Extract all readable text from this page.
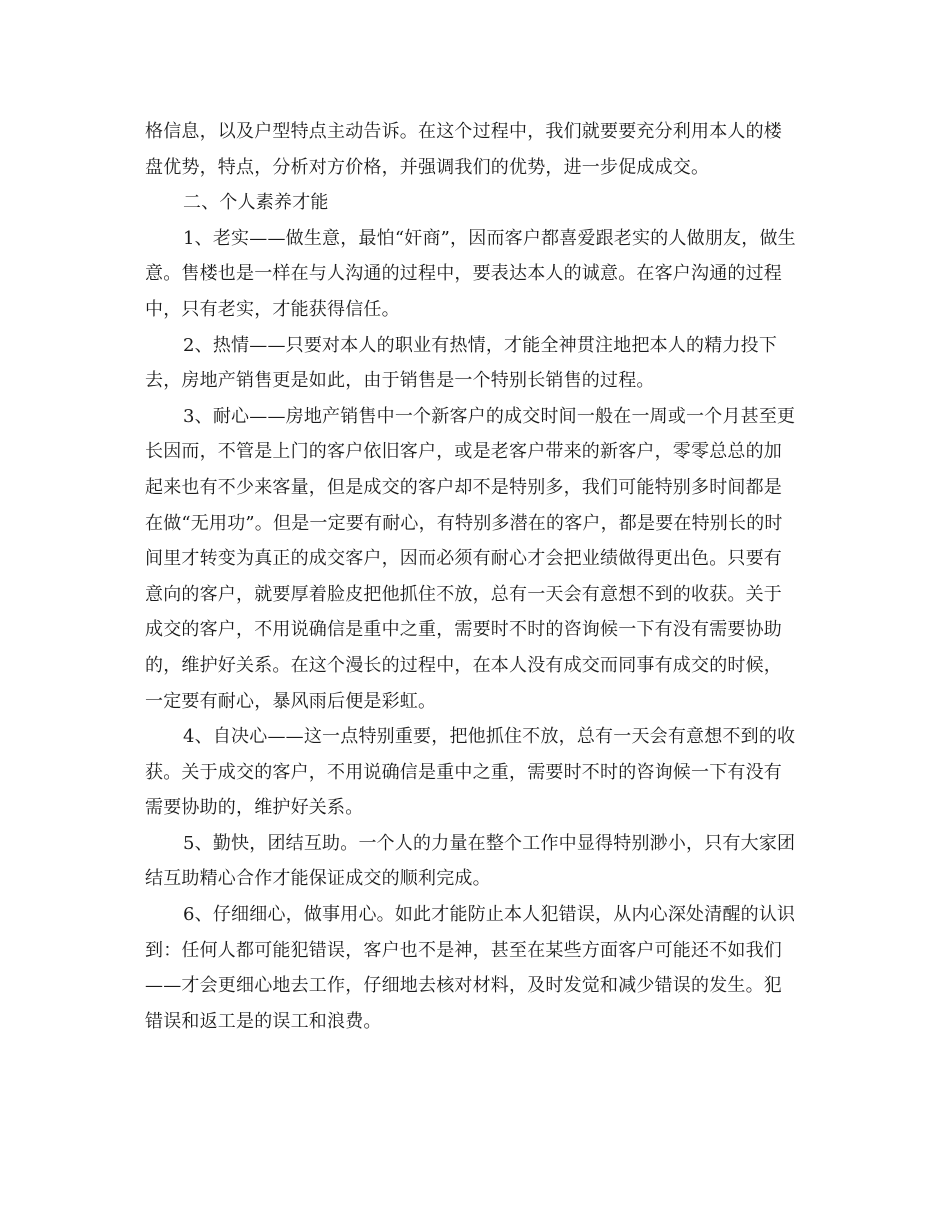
格信息，以及户型特点主动告诉。在这个过程中，我们就要要充分利用本人的楼
盘优势，特点，分析对方价格，并强调我们的优势，进一步促成成交。
二、个人素养才能
1、老实——做生意，最怕“奸商”，因而客户都喜爱跟老实的人做朋友，做生
意。售楼也是一样在与人沟通的过程中，要表达本人的诚意。在客户沟通的过程
中，只有老实，才能获得信任。
2、热情——只要对本人的职业有热情，才能全神贯注地把本人的精力投下
去，房地产销售更是如此，由于销售是一个特别长销售的过程。
3、耐心——房地产销售中一个新客户的成交时间一般在一周或一个月甚至更
长因而，不管是上门的客户依旧客户，或是老客户带来的新客户，零零总总的加
起来也有不少来客量，但是成交的客户却不是特别多，我们可能特别多时间都是
在做“无用功”。但是一定要有耐心，有特别多潜在的客户，都是要在特别长的时
间里才转变为真正的成交客户，因而必须有耐心才会把业绩做得更出色。只要有
意向的客户，就要厚着脸皮把他抓住不放，总有一天会有意想不到的收获。关于
成交的客户，不用说确信是重中之重，需要时不时的咨询候一下有没有需要协助
的，维护好关系。在这个漫长的过程中，在本人没有成交而同事有成交的时候，
一定要有耐心，暴风雨后便是彩虹。
4、自决心——这一点特别重要，把他抓住不放，总有一天会有意想不到的收
获。关于成交的客户，不用说确信是重中之重，需要时不时的咨询候一下有没有
需要协助的，维护好关系。
5、勤快，团结互助。一个人的力量在整个工作中显得特别渺小，只有大家团
结互助精心合作才能保证成交的顺利完成。
6、仔细细心，做事用心。如此才能防止本人犯错误，从内心深处清醒的认识
到：任何人都可能犯错误，客户也不是神，甚至在某些方面客户可能还不如我们
——才会更细心地去工作，仔细地去核对材料，及时发觉和减少错误的发生。犯
错误和返工是的误工和浪费。
